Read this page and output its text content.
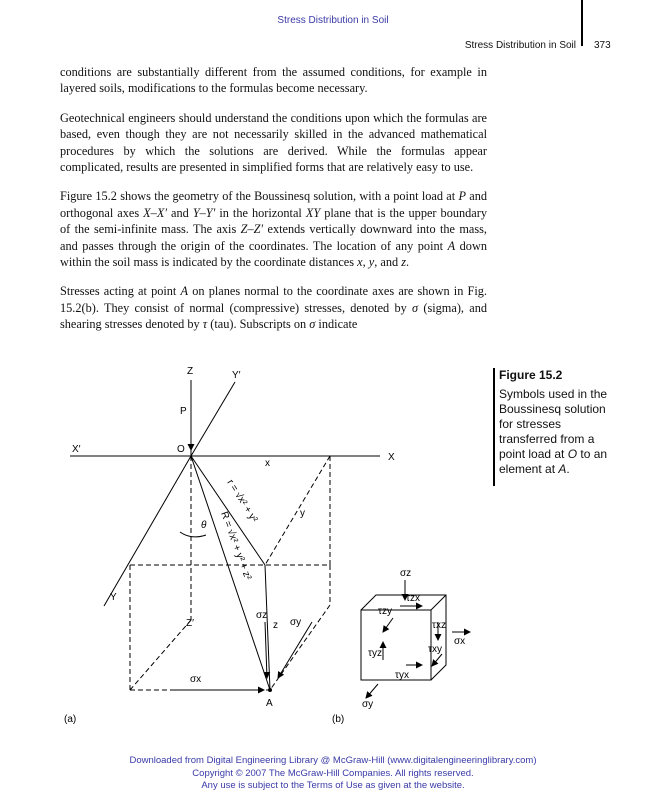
Stress Distribution in Soil
Stress Distribution in Soil 373

conditions are substantially different from the assumed conditions, for example in layered soils, modifications to the formulas become necessary.

Geotechnical engineers should understand the conditions upon which the formulas are based, even though they are not necessarily skilled in the advanced mathematical procedures by which the solutions are derived. While the formulas appear complicated, results are presented in simplified forms that are relatively easy to use.

Figure 15.2 shows the geometry of the Boussinesq solution, with a point load at P and orthogonal axes X–X′ and Y–Y′ in the horizontal XY plane that is the upper boundary of the semi-infinite mass. The axis Z–Z′ extends vertically downward into the mass, and passes through the origin of the coordinates. The location of any point A down within the soil mass is indicated by the coordinate distances x, y, and z.

Stresses acting at point A on planes normal to the coordinate axes are shown in Fig. 15.2(b). They consist of normal (compressive) stresses, denoted by σ (sigma), and shearing stresses denoted by τ (tau). Subscripts on σ indicate

Z	Y′
P
O
X′
X
x
y
Y
Z′	z
θ
σz
σy
σx
A
r = √x² + y²
R = √x² + y² + z²
(a)	(b)
σz
τzx
τzy
τxz
σx
τxy
τyz
τyx
σy
Figure 15.2
Symbols used in the Boussinesq solution for stresses transferred from a point load at O to an element at A.
Downloaded from Digital Engineering Library @ McGraw-Hill (www.digitalengineeringlibrary.com)
Copyright © 2007 The McGraw-Hill Companies. All rights reserved.
Any use is subject to the Terms of Use as given at the website.
